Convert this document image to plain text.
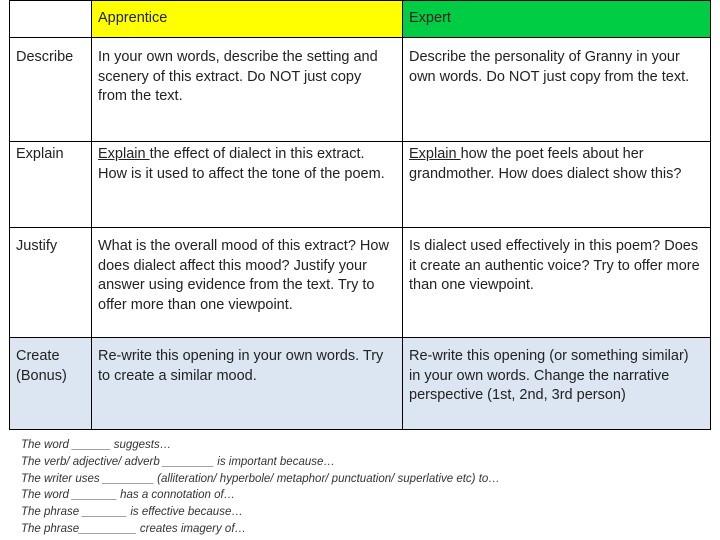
	Apprentice	Expert
Describe	In your own words, describe the setting and scenery of this extract. Do NOT just copy from the text.	Describe the personality of Granny in your own words. Do NOT just copy from the text.
Explain	Explain the effect of dialect in this extract. How is it used to affect the tone of the poem.	Explain how the poet feels about her grandmother. How does dialect show this?
Justify	What is the overall mood of this extract? How does dialect affect this mood? Justify your answer using evidence from the text. Try to offer more than one viewpoint.	Is dialect used effectively in this poem? Does it create an authentic voice? Try to offer more than one viewpoint.
Create (Bonus)	Re-write this opening in your own words. Try to create a similar mood.	Re-write this opening (or something similar) in your own words. Change the narrative perspective (1st, 2nd, 3rd person)
The word ______ suggests…
The verb/ adjective/ adverb ________ is important because…
The writer uses ________ (alliteration/ hyperbole/ metaphor/ punctuation/ superlative etc) to…
The word _______ has a connotation of…
The phrase _______ is effective because…
The phrase_________ creates imagery of…
